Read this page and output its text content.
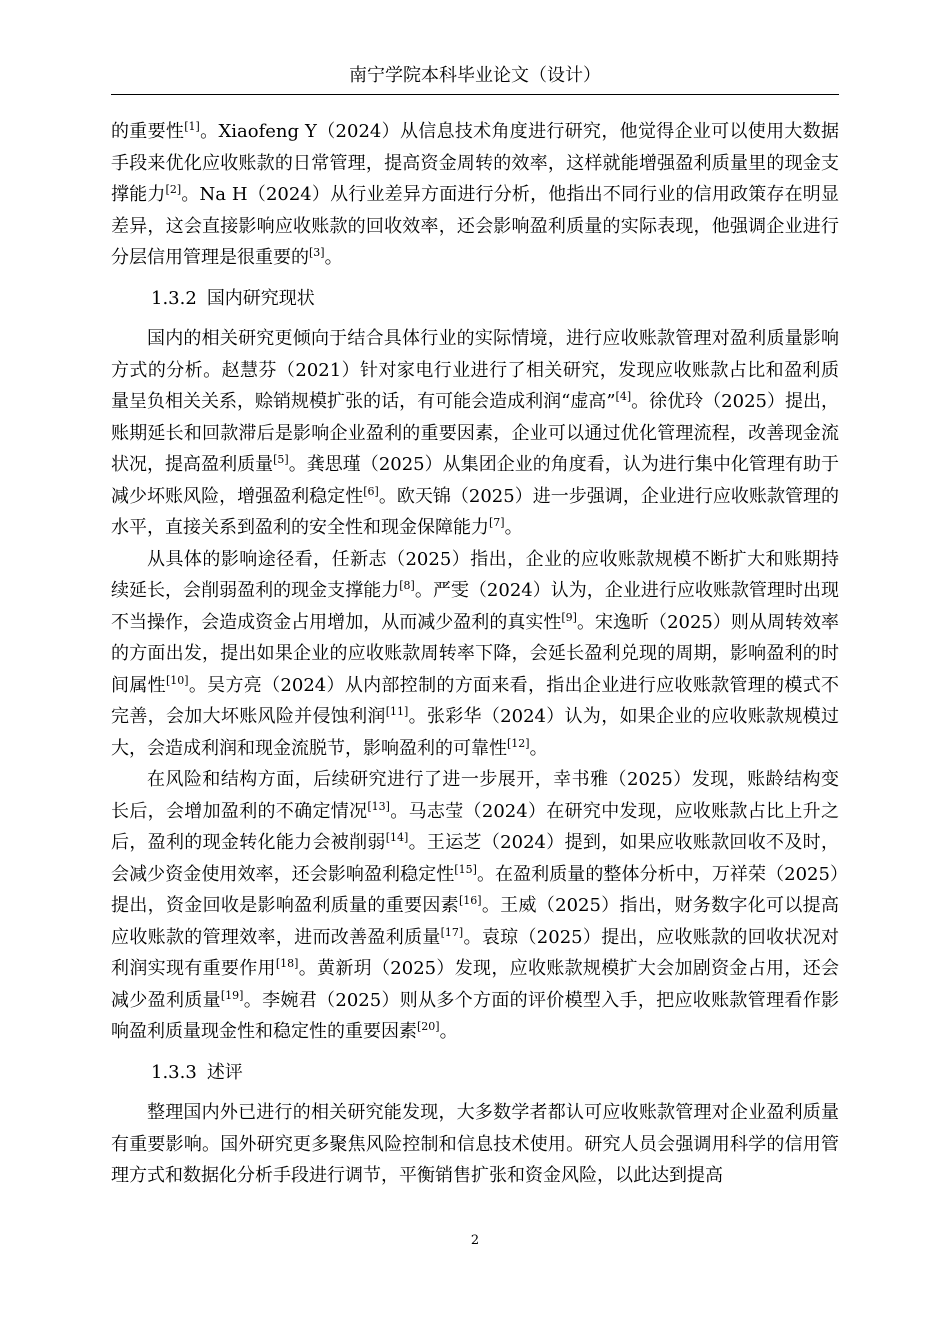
南宁学院本科毕业论文（设计）

的重要性[1]。Xiaofeng Y（2024）从信息技术角度进行研究，他觉得企业可以使用大数据手段来优化应收账款的日常管理，提高资金周转的效率，这样就能增强盈利质量里的现金支撑能力[2]。Na H（2024）从行业差异方面进行分析，他指出不同行业的信用政策存在明显差异，这会直接影响应收账款的回收效率，还会影响盈利质量的实际表现，他强调企业进行分层信用管理是很重要的[3]。

1.3.2 国内研究现状

国内的相关研究更倾向于结合具体行业的实际情境，进行应收账款管理对盈利质量影响方式的分析。赵慧芬（2021）针对家电行业进行了相关研究，发现应收账款占比和盈利质量呈负相关关系，赊销规模扩张的话，有可能会造成利润“虚高”[4]。徐优玲（2025）提出，账期延长和回款滞后是影响企业盈利的重要因素，企业可以通过优化管理流程，改善现金流状况，提高盈利质量[5]。龚思瑾（2025）从集团企业的角度看，认为进行集中化管理有助于减少坏账风险，增强盈利稳定性[6]。欧天锦（2025）进一步强调，企业进行应收账款管理的水平，直接关系到盈利的安全性和现金保障能力[7]。

从具体的影响途径看，任新志（2025）指出，企业的应收账款规模不断扩大和账期持续延长，会削弱盈利的现金支撑能力[8]。严雯（2024）认为，企业进行应收账款管理时出现不当操作，会造成资金占用增加，从而减少盈利的真实性[9]。宋逸昕（2025）则从周转效率的方面出发，提出如果企业的应收账款周转率下降，会延长盈利兑现的周期，影响盈利的时间属性[10]。吴方亮（2024）从内部控制的方面来看，指出企业进行应收账款管理的模式不完善，会加大坏账风险并侵蚀利润[11]。张彩华（2024）认为，如果企业的应收账款规模过大，会造成利润和现金流脱节，影响盈利的可靠性[12]。

在风险和结构方面，后续研究进行了进一步展开，幸书雅（2025）发现，账龄结构变长后，会增加盈利的不确定情况[13]。马志莹（2024）在研究中发现，应收账款占比上升之后，盈利的现金转化能力会被削弱[14]。王运芝（2024）提到，如果应收账款回收不及时，会减少资金使用效率，还会影响盈利稳定性[15]。在盈利质量的整体分析中，万祥荣（2025）提出，资金回收是影响盈利质量的重要因素[16]。王威（2025）指出，财务数字化可以提高应收账款的管理效率，进而改善盈利质量[17]。袁琼（2025）提出，应收账款的回收状况对利润实现有重要作用[18]。黄新玥（2025）发现，应收账款规模扩大会加剧资金占用，还会减少盈利质量[19]。李婉君（2025）则从多个方面的评价模型入手，把应收账款管理看作影响盈利质量现金性和稳定性的重要因素[20]。

1.3.3 述评

整理国内外已进行的相关研究能发现，大多数学者都认可应收账款管理对企业盈利质量有重要影响。国外研究更多聚焦风险控制和信息技术使用。研究人员会强调用科学的信用管理方式和数据化分析手段进行调节，平衡销售扩张和资金风险，以此达到提高

2
